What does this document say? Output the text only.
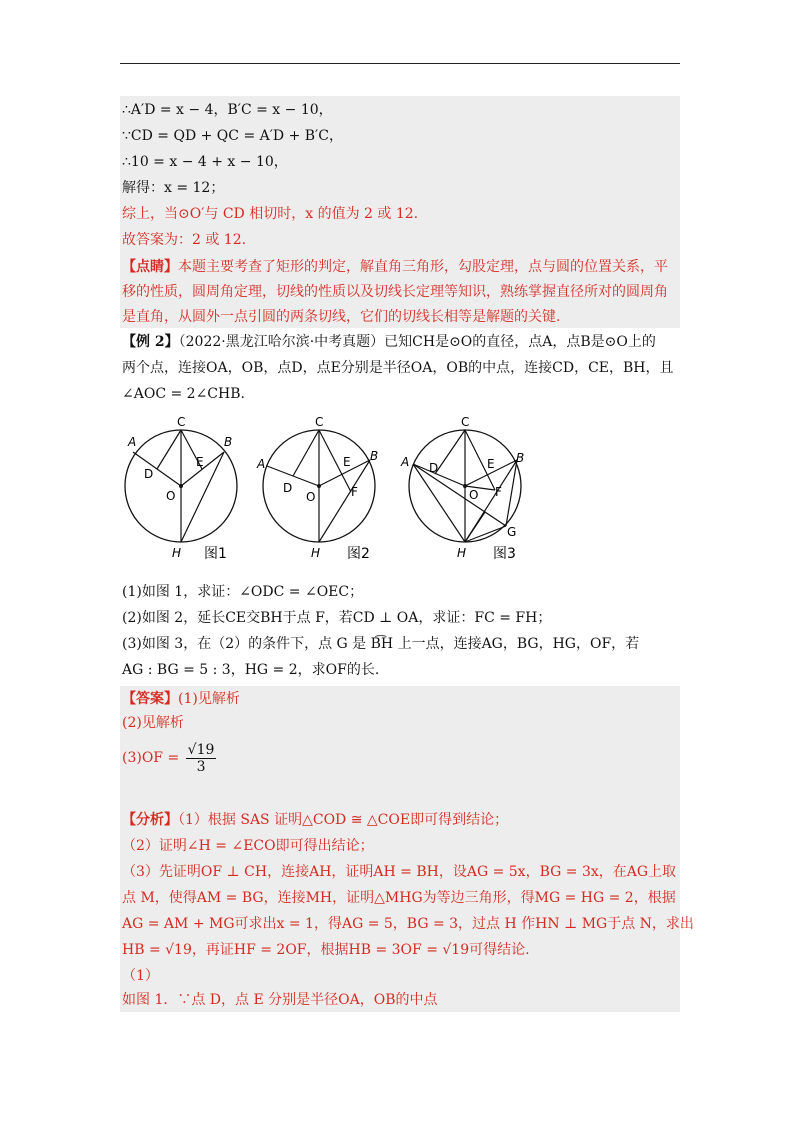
∴A′D = x − 4，B′C = x − 10，
∵CD = QD + QC = A′D + B′C，
∴10 = x − 4 + x − 10，
解得：x = 12；
综上，当⊙O′与 CD 相切时，x 的值为 2 或 12.
故答案为：2 或 12.
【点睛】本题主要考查了矩形的判定，解直角三角形，勾股定理，点与圆的位置关系，平
移的性质，圆周角定理，切线的性质以及切线长定理等知识，熟练掌握直径所对的圆周角
是直角，从圆外一点引圆的两条切线，它们的切线长相等是解题的关键.
【例 2】（2022·黑龙江哈尔滨·中考真题）已知CH是⊙O的直径，点A，点B是⊙O上的
两个点，连接OA，OB，点D，点E分别是半径OA，OB的中点，连接CD，CE，BH，且
∠AOC = 2∠CHB.
C
A	B
D
E
O
H 图1
C
A
B
D
E
F
O
H 图2
C
A	B
D	E
F
G
O
H 图3
(1)如图 1，求证：∠ODC = ∠OEC；
(2)如图 2，延长CE交BH于点 F，若CD ⊥ OA，求证：FC = FH；
(3)如图 3，在（2）的条件下，点 G 是 B͡H 上一点，连接AG，BG，HG，OF，若
AG : BG = 5 : 3，HG = 2，求OF的长.
【答案】(1)见解析
(2)见解析
$(3)OF = \frac{√19}{3}$
【分析】（1）根据 SAS 证明△COD ≅ △COE即可得到结论；
（2）证明∠H = ∠ECO即可得出结论；
（3）先证明OF ⊥ CH，连接AH，证明AH = BH，设AG = 5x，BG = 3x，在AG上取
点 M，使得AM = BG，连接MH，证明△MHG为等边三角形，得MG = HG = 2，根据
AG = AM + MG可求出x = 1，得AG = 5，BG = 3，过点 H 作HN ⊥ MG于点 N，求出
HB = √19，再证HF = 2OF，根据HB = 3OF = √19可得结论.
（1）
如图 1．∵点 D，点 E 分别是半径OA，OB的中点
